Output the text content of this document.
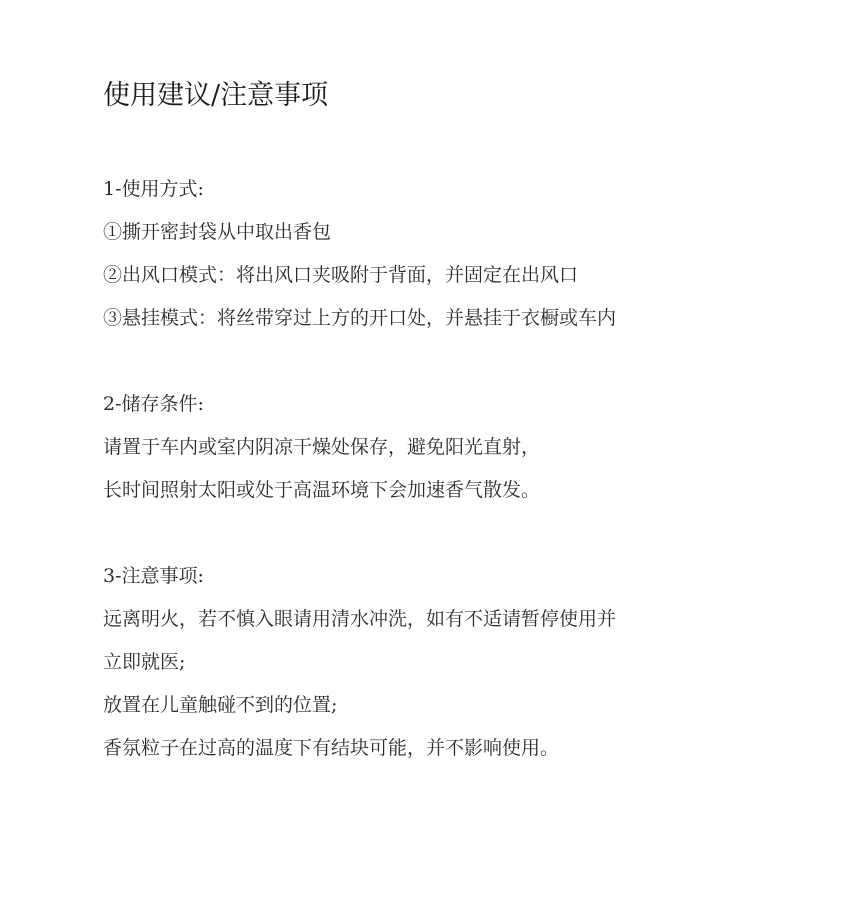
使用建议/注意事项
1-使用方式:
①撕开密封袋从中取出香包
②出风口模式：将出风口夹吸附于背面，并固定在出风口
③悬挂模式：将丝带穿过上方的开口处，并悬挂于衣橱或车内
2-储存条件:
请置于车内或室内阴凉干燥处保存，避免阳光直射，
长时间照射太阳或处于高温环境下会加速香气散发。
3-注意事项:
远离明火，若不慎入眼请用清水冲洗，如有不适请暂停使用并
立即就医;
放置在儿童触碰不到的位置;
香氛粒子在过高的温度下有结块可能，并不影响使用。
